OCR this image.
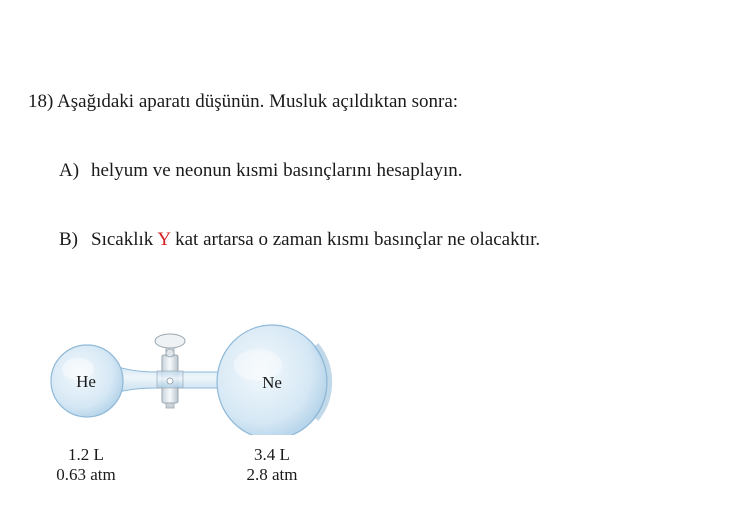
18) Aşağıdaki aparatı düşünün. Musluk açıldıktan sonra:
A) helyum ve neonun kısmi basınçlarını hesaplayın.
B) Sıcaklık Y kat artarsa o zaman kısmı basınçlar ne olacaktır.
He	Ne
1.2 L
0.63 atm
3.4 L
2.8 atm
